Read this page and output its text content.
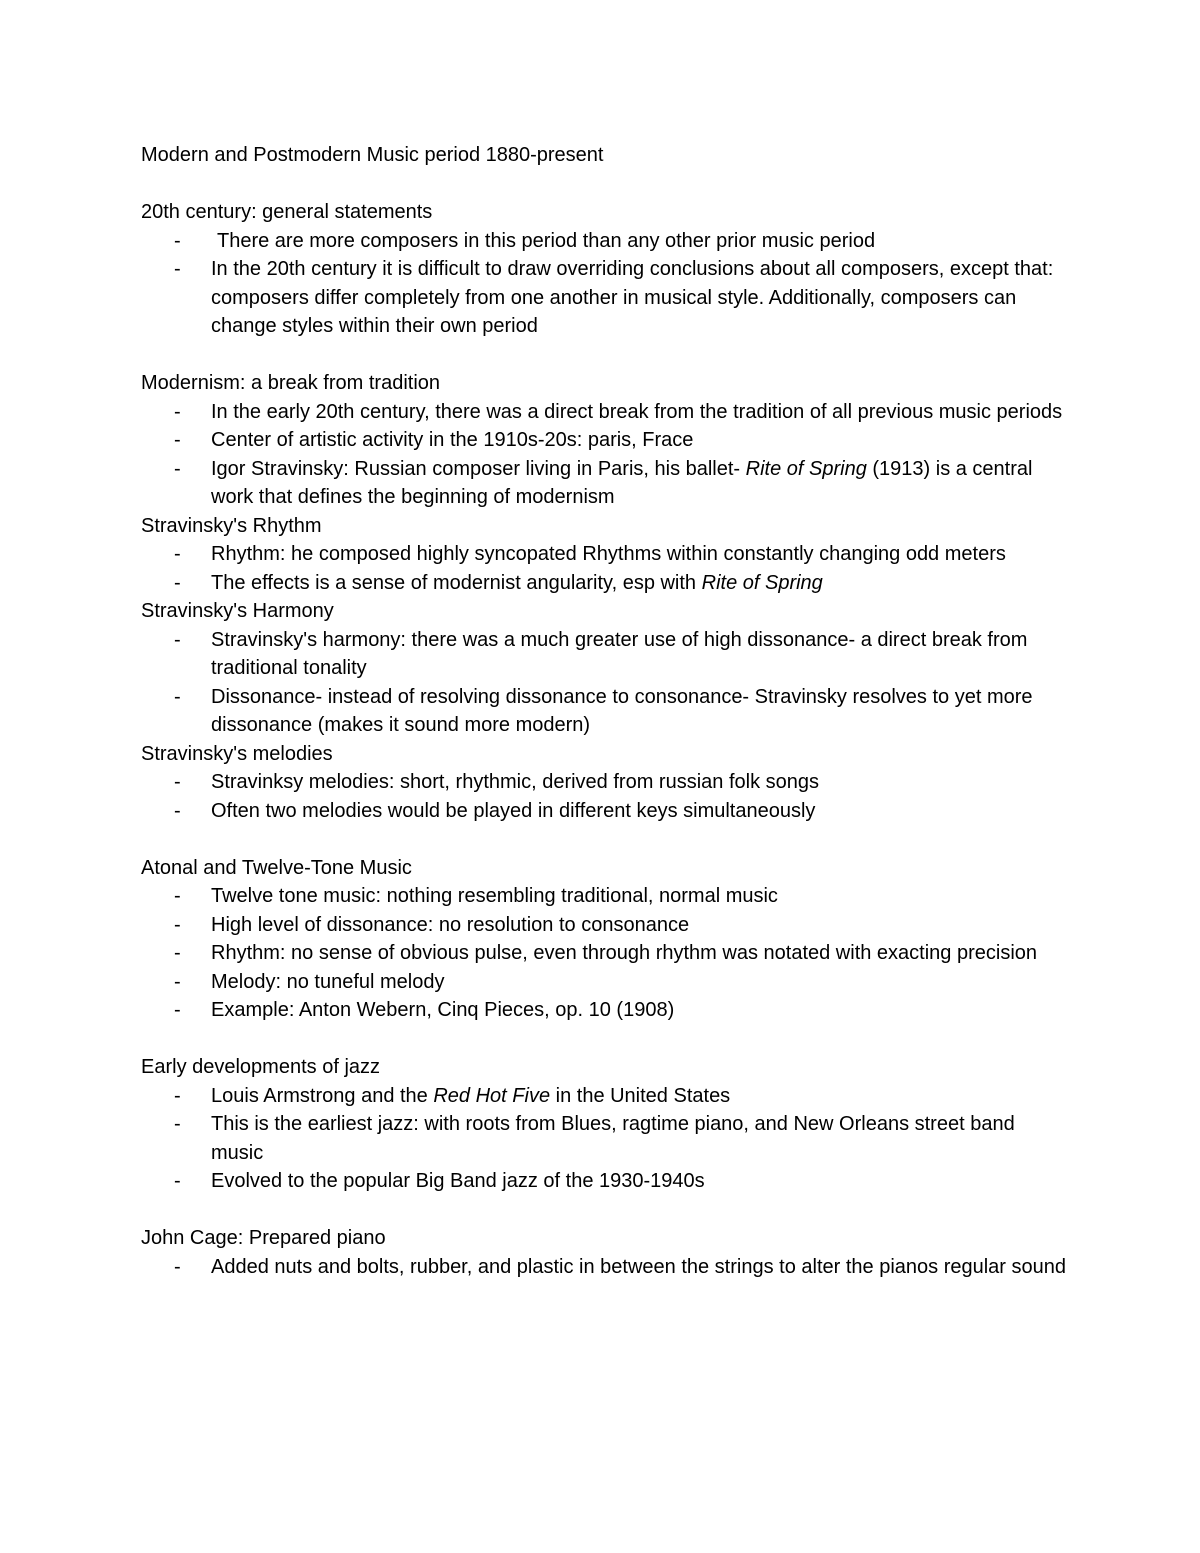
Modern and Postmodern Music period 1880-present

20th century: general statements

- There are more composers in this period than any other prior music period
- In the 20th century it is difficult to draw overriding conclusions about all composers, except that: composers differ completely from one another in musical style. Additionally, composers can change styles within their own period

Modernism: a break from tradition

- In the early 20th century, there was a direct break from the tradition of all previous music periods
- Center of artistic activity in the 1910s-20s: paris, Frace
- Igor Stravinsky: Russian composer living in Paris, his ballet- Rite of Spring (1913) is a central work that defines the beginning of modernism

Stravinsky's Rhythm

- Rhythm: he composed highly syncopated Rhythms within constantly changing odd meters
- The effects is a sense of modernist angularity, esp with Rite of Spring

Stravinsky's Harmony

- Stravinsky's harmony: there was a much greater use of high dissonance- a direct break from traditional tonality
- Dissonance- instead of resolving dissonance to consonance- Stravinsky resolves to yet more dissonance (makes it sound more modern)

Stravinsky's melodies

- Stravinksy melodies: short, rhythmic, derived from russian folk songs
- Often two melodies would be played in different keys simultaneously

Atonal and Twelve-Tone Music

- Twelve tone music: nothing resembling traditional, normal music
- High level of dissonance: no resolution to consonance
- Rhythm: no sense of obvious pulse, even through rhythm was notated with exacting precision
- Melody: no tuneful melody
- Example: Anton Webern, Cinq Pieces, op. 10 (1908)

Early developments of jazz

- Louis Armstrong and the Red Hot Five in the United States
- This is the earliest jazz: with roots from Blues, ragtime piano, and New Orleans street band music
- Evolved to the popular Big Band jazz of the 1930-1940s

John Cage: Prepared piano

- Added nuts and bolts, rubber, and plastic in between the strings to alter the pianos regular sound
